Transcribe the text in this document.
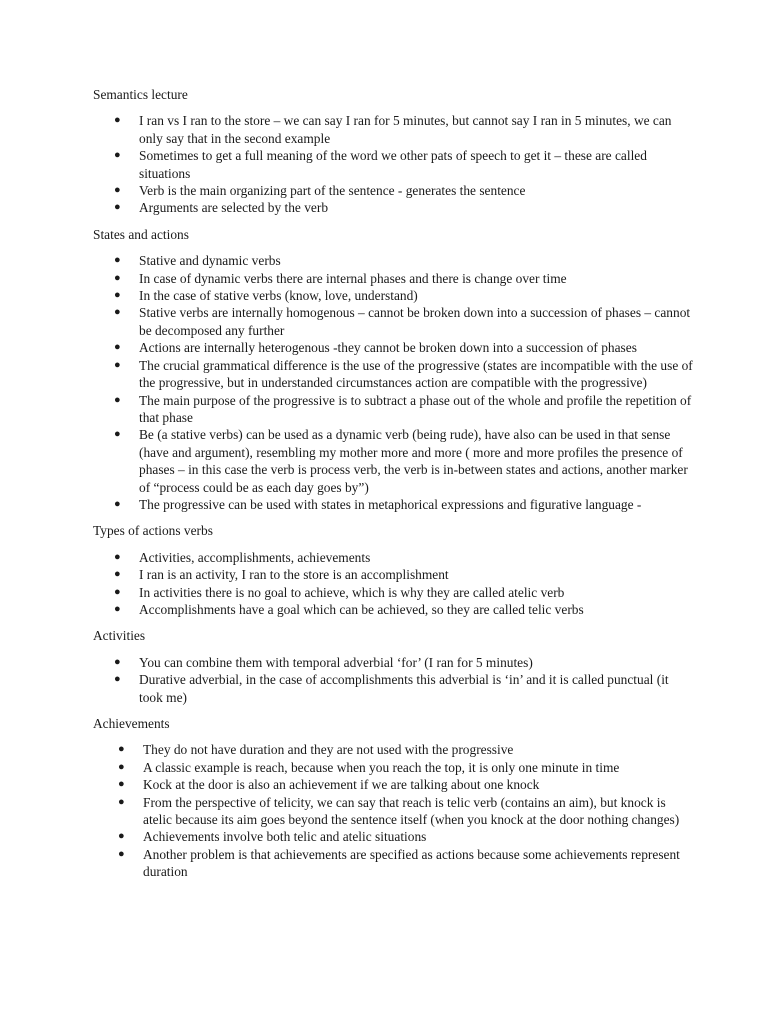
Semantics lecture

● I ran vs I ran to the store – we can say I ran for 5 minutes, but cannot say I ran in 5 minutes, we can only say that in the second example
● Sometimes to get a full meaning of the word we other pats of speech to get it – these are called situations
● Verb is the main organizing part of the sentence - generates the sentence
● Arguments are selected by the verb

States and actions

● Stative and dynamic verbs
● In case of dynamic verbs there are internal phases and there is change over time
● In the case of stative verbs (know, love, understand)
● Stative verbs are internally homogenous – cannot be broken down into a succession of phases – cannot be decomposed any further
● Actions are internally heterogenous -they cannot be broken down into a succession of phases
● The crucial grammatical difference is the use of the progressive (states are incompatible with the use of the progressive, but in understanded circumstances action are compatible with the progressive)
● The main purpose of the progressive is to subtract a phase out of the whole and profile the repetition of that phase
● Be (a stative verbs) can be used as a dynamic verb (being rude), have also can be used in that sense (have and argument), resembling my mother more and more ( more and more profiles the presence of phases – in this case the verb is process verb, the verb is in-between states and actions, another marker of “process could be as each day goes by”)
● The progressive can be used with states in metaphorical expressions and figurative language -

Types of actions verbs

● Activities, accomplishments, achievements
● I ran is an activity, I ran to the store is an accomplishment
● In activities there is no goal to achieve, which is why they are called atelic verb
● Accomplishments have a goal which can be achieved, so they are called telic verbs

Activities

● You can combine them with temporal adverbial ‘for’ (I ran for 5 minutes)
● Durative adverbial, in the case of accomplishments this adverbial is ‘in’ and it is called punctual (it took me)

Achievements

● They do not have duration and they are not used with the progressive
● A classic example is reach, because when you reach the top, it is only one minute in time
● Kock at the door is also an achievement if we are talking about one knock
● From the perspective of telicity, we can say that reach is telic verb (contains an aim), but knock is atelic because its aim goes beyond the sentence itself (when you knock at the door nothing changes)
● Achievements involve both telic and atelic situations
● Another problem is that achievements are specified as actions because some achievements represent duration
